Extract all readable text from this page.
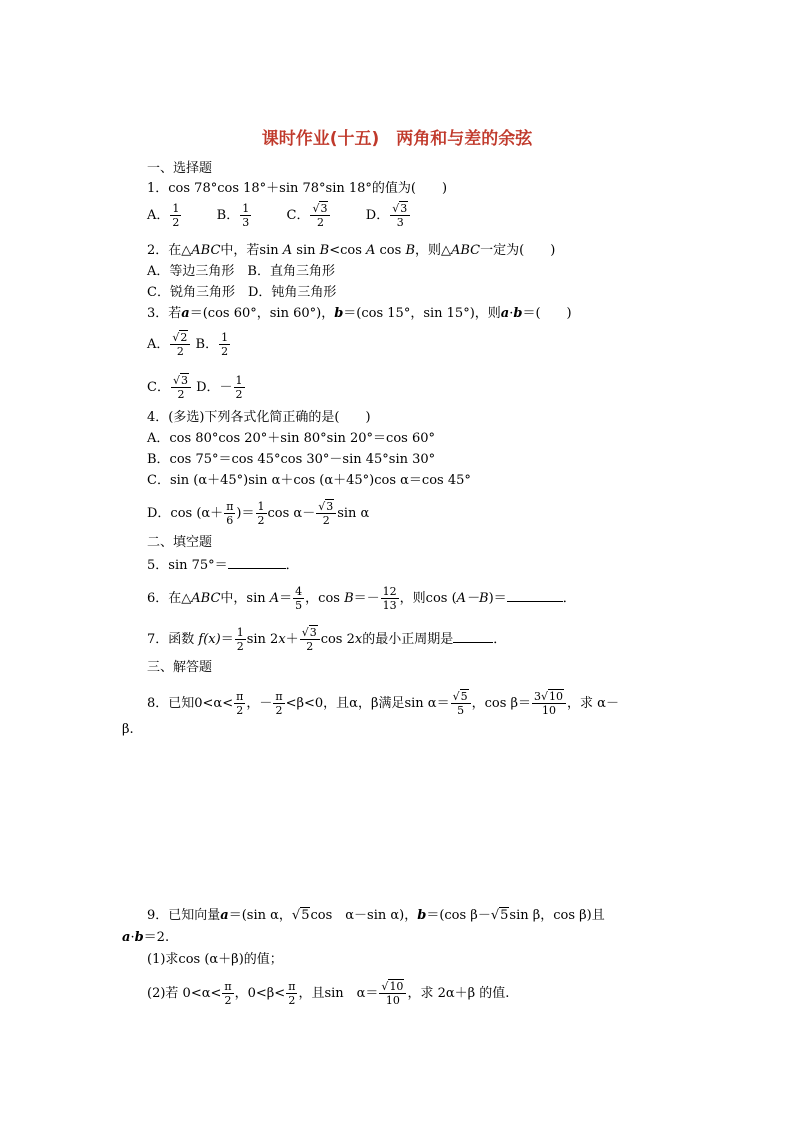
课时作业(十五)　两角和与差的余弦
一、选择题
1．cos 78°cos 18°＋sin 78°sin 18°的值为(　　)
A． $\frac{1}{2}$	B． $\frac{1}{3}$	C． $\frac{√3}{2}$	D． $\frac{√3}{3}$
2．在△ABC中，若sin A sin B<cos A cos B，则△ABC一定为(　　)
A．等边三角形　 B．直角三角形
C．锐角三角形　 D．钝角三角形
3．若a＝(cos 60°，sin 60°)，b＝(cos 15°，sin 15°)，则a·b＝(　　)
A． $\frac{√2}{2}$ B． $\frac{1}{2}$
C． $\frac{√3}{2}$ D．－ $\frac{1}{2}$
4．(多选)下列各式化简正确的是(　　)
A．cos 80°cos 20°＋sin 80°sin 20°＝cos 60°
B．cos 75°＝cos 45°cos 30°－sin 45°sin 30°
C．sin (α＋45°)sin α＋cos (α＋45°)cos α＝cos 45°
D．$\cos (\alpha+ \frac{\pi}{6}$ )＝ $\frac{1}{2}$ $\cos \alpha- \frac{√3}{2}$ sin α
二、填空题
5．sin 75°＝	．
6．在△ABC中，$\sin A= \frac{4}{5}$ ，$\cos B=- \frac{12}{13}$ ，则cos (A－B)＝	．
7．函数 $f(x)= \frac{1}{2}$ $\sin 2x+ \frac{√3}{2}$ cos 2x的最小正周期是	．
三、解答题
8．已知$0<\alpha< \frac{\pi}{2}$ ，－ $\frac{\pi}{2} <\beta<0$，且α，β满足$\sin \alpha= \frac{√5}{5}$ ，$\cos \beta= \frac{3√10}{10}$ ，求 α－
β.
9．已知向量a＝(sin α，√5cos　α－sin α)，b＝(cos β－√5sin β，cos β)且
a·b＝2.
(1)求cos (α＋β)的值；
(2)若 $0<\alpha< \frac{\pi}{2}$ ，$0<\beta< \frac{\pi}{2}$ ，且sin　$\alpha= \frac{√10}{10}$ ，求 2α＋β 的值.
